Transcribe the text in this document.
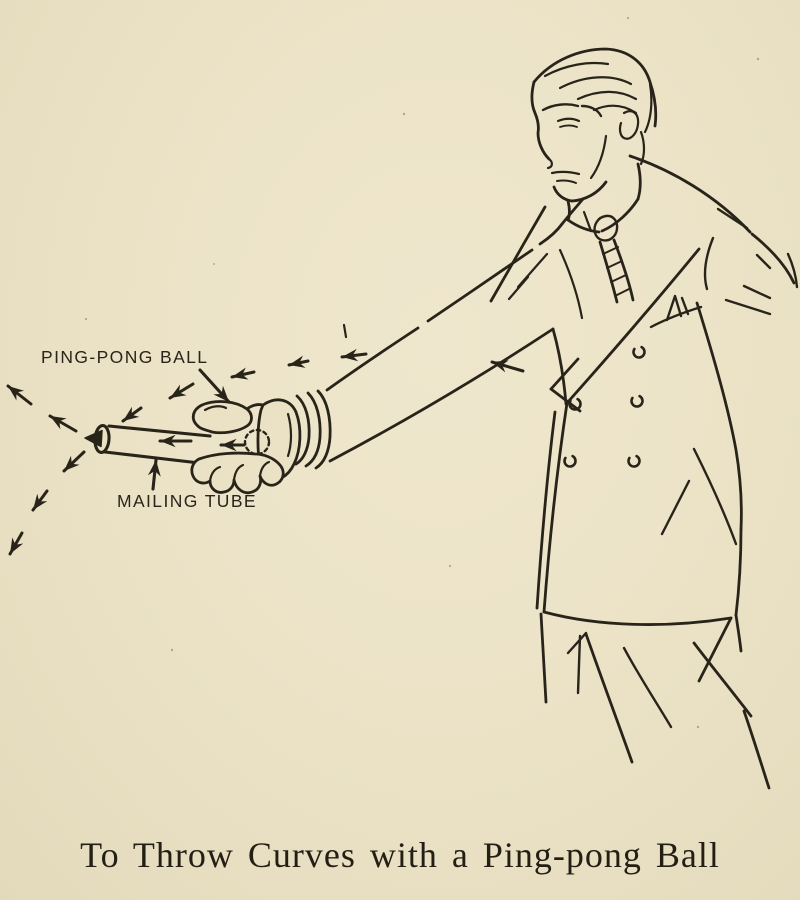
PING-PONG BALL
MAILING TUBE
To Throw Curves with a Ping-pong Ball
